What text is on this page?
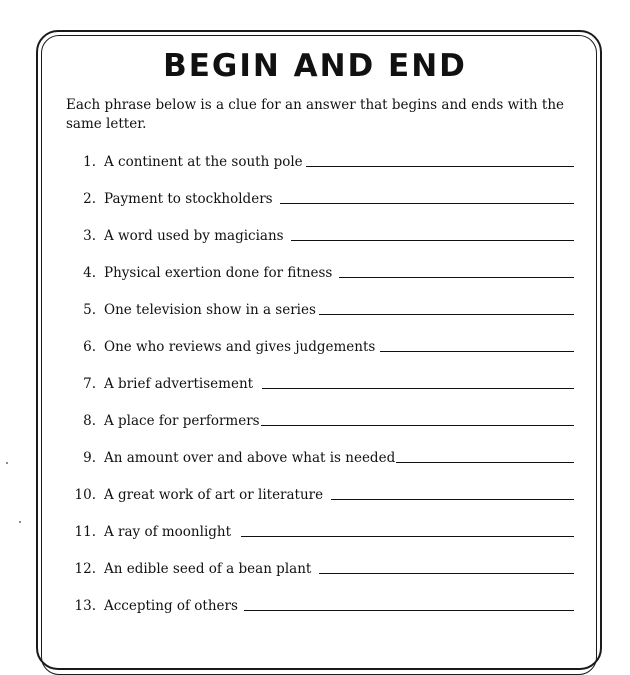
BEGIN AND END

Each phrase below is a clue for an answer that begins and ends with the same letter.

1. A continent at the south pole
2. Payment to stockholders
3. A word used by magicians
4. Physical exertion done for fitness
5. One television show in a series
6. One who reviews and gives judgements
7. A brief advertisement
8. A place for performers
9. An amount over and above what is needed
10. A great work of art or literature
11. A ray of moonlight
12. An edible seed of a bean plant
13. Accepting of others
